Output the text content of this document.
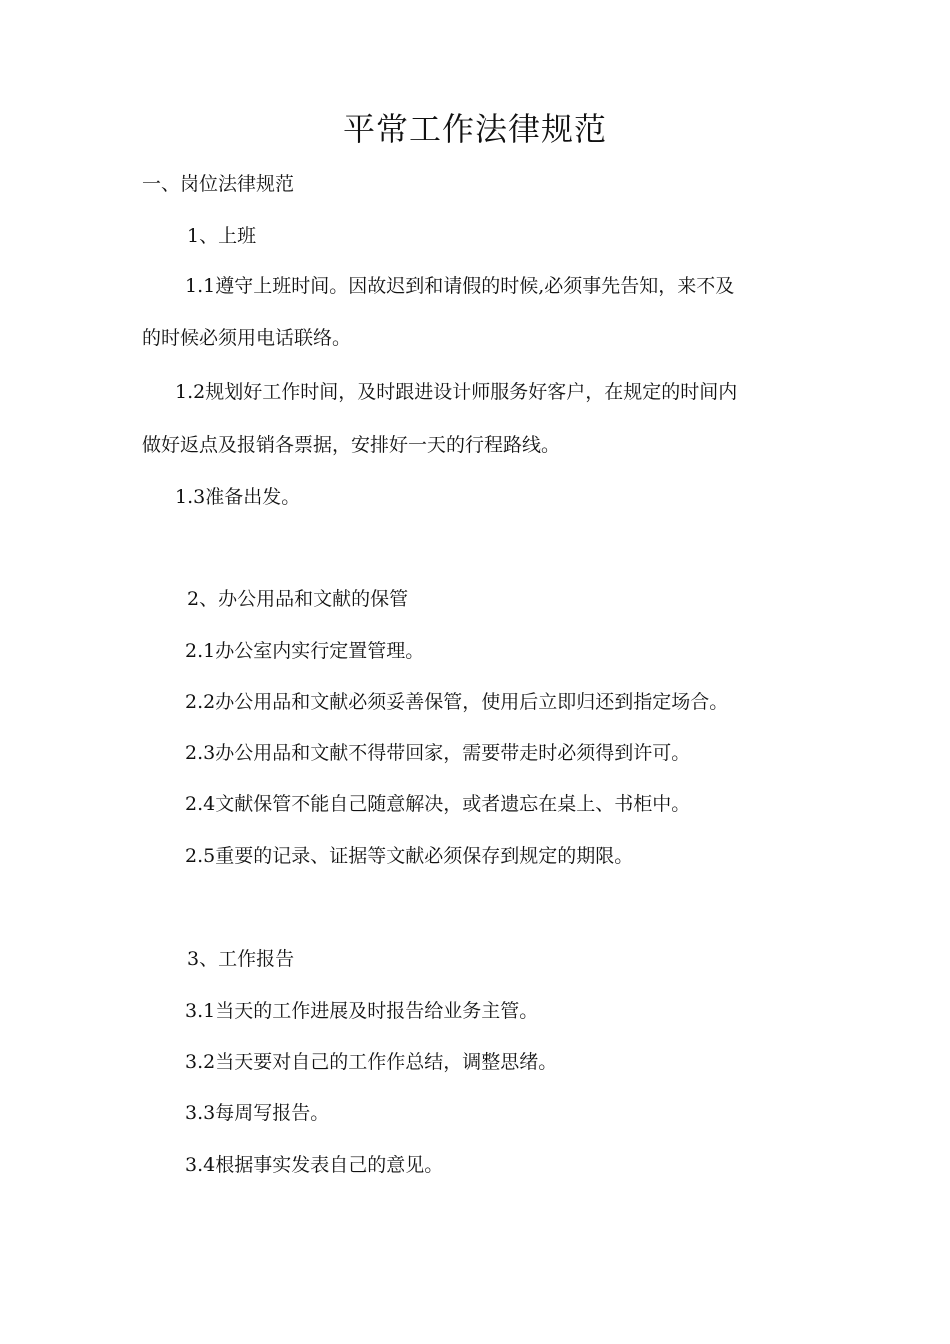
平常工作法律规范
一、岗位法律规范
1、上班
1.1遵守上班时间。因故迟到和请假的时候,必须事先告知，来不及
的时候必须用电话联络。
1.2规划好工作时间，及时跟进设计师服务好客户，在规定的时间内
做好返点及报销各票据，安排好一天的行程路线。
1.3准备出发。
2、办公用品和文献的保管
2.1办公室内实行定置管理。
2.2办公用品和文献必须妥善保管，使用后立即归还到指定场合。
2.3办公用品和文献不得带回家，需要带走时必须得到许可。
2.4文献保管不能自己随意解决，或者遗忘在桌上、书柜中。
2.5重要的记录、证据等文献必须保存到规定的期限。
3、工作报告
3.1当天的工作进展及时报告给业务主管。
3.2当天要对自己的工作作总结，调整思绪。
3.3每周写报告。
3.4根据事实发表自己的意见。
